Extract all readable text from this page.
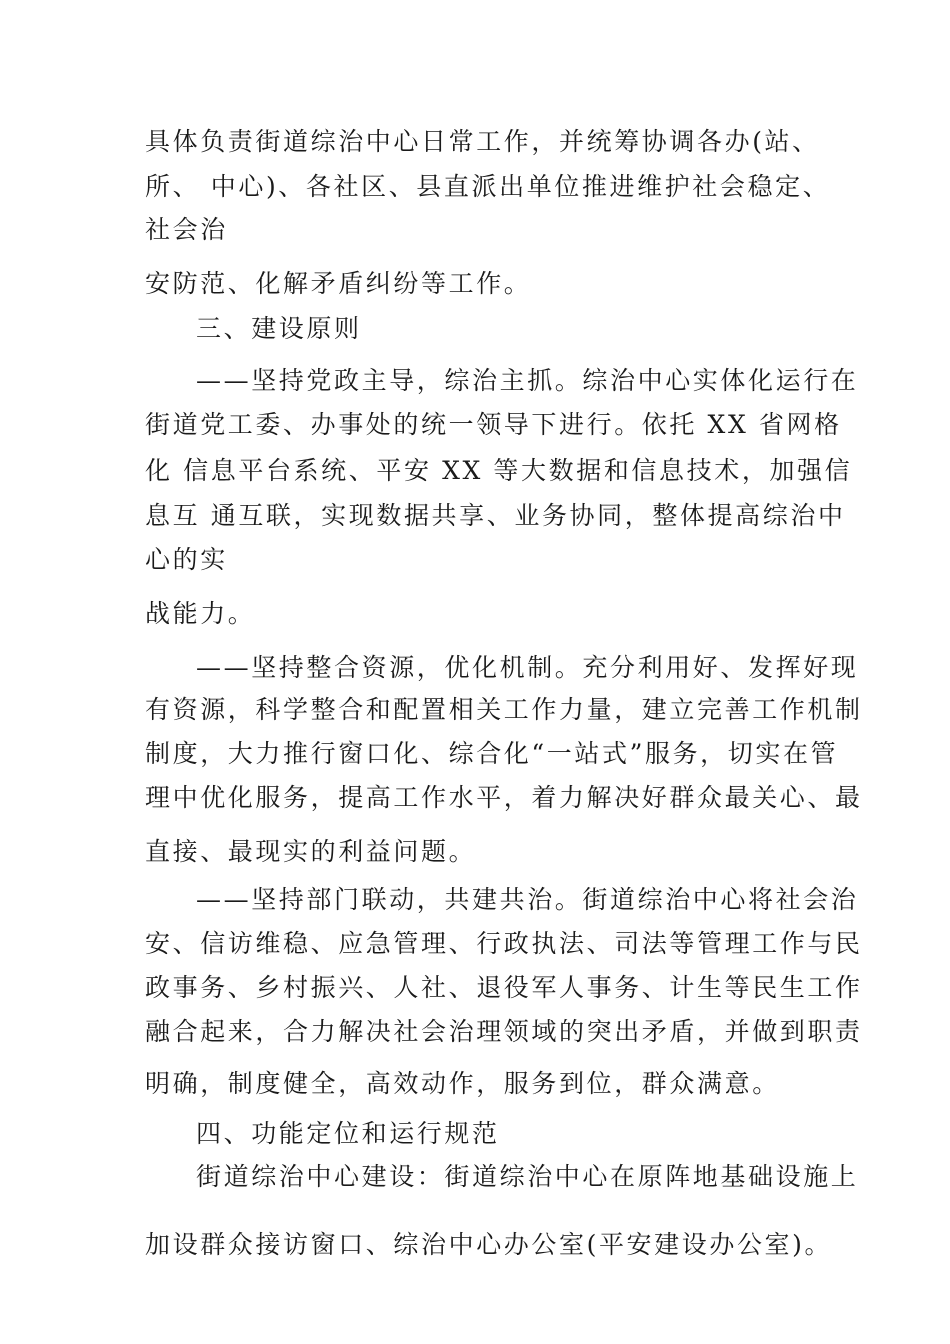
具体负责街道综治中心日常工作，并统筹协调各办(站、
所、 中心)、各社区、县直派出单位推进维护社会稳定、
社会治
安防范、化解矛盾纠纷等工作。
三、建设原则
——坚持党政主导，综治主抓。综治中心实体化运行在
街道党工委、办事处的统一领导下进行。依托 XX 省网格
化 信息平台系统、平安 XX 等大数据和信息技术，加强信
息互 通互联，实现数据共享、业务协同，整体提高综治中
心的实
战能力。
——坚持整合资源，优化机制。充分利用好、发挥好现
有资源，科学整合和配置相关工作力量，建立完善工作机制
制度，大力推行窗口化、综合化“一站式”服务，切实在管
理中优化服务，提高工作水平，着力解决好群众最关心、最
直接、最现实的利益问题。
——坚持部门联动，共建共治。街道综治中心将社会治
安、信访维稳、应急管理、行政执法、司法等管理工作与民
政事务、乡村振兴、人社、退役军人事务、计生等民生工作
融合起来，合力解决社会治理领域的突出矛盾，并做到职责
明确，制度健全，高效动作，服务到位，群众满意。
四、功能定位和运行规范
街道综治中心建设：街道综治中心在原阵地基础设施上
加设群众接访窗口、综治中心办公室(平安建设办公室)。
